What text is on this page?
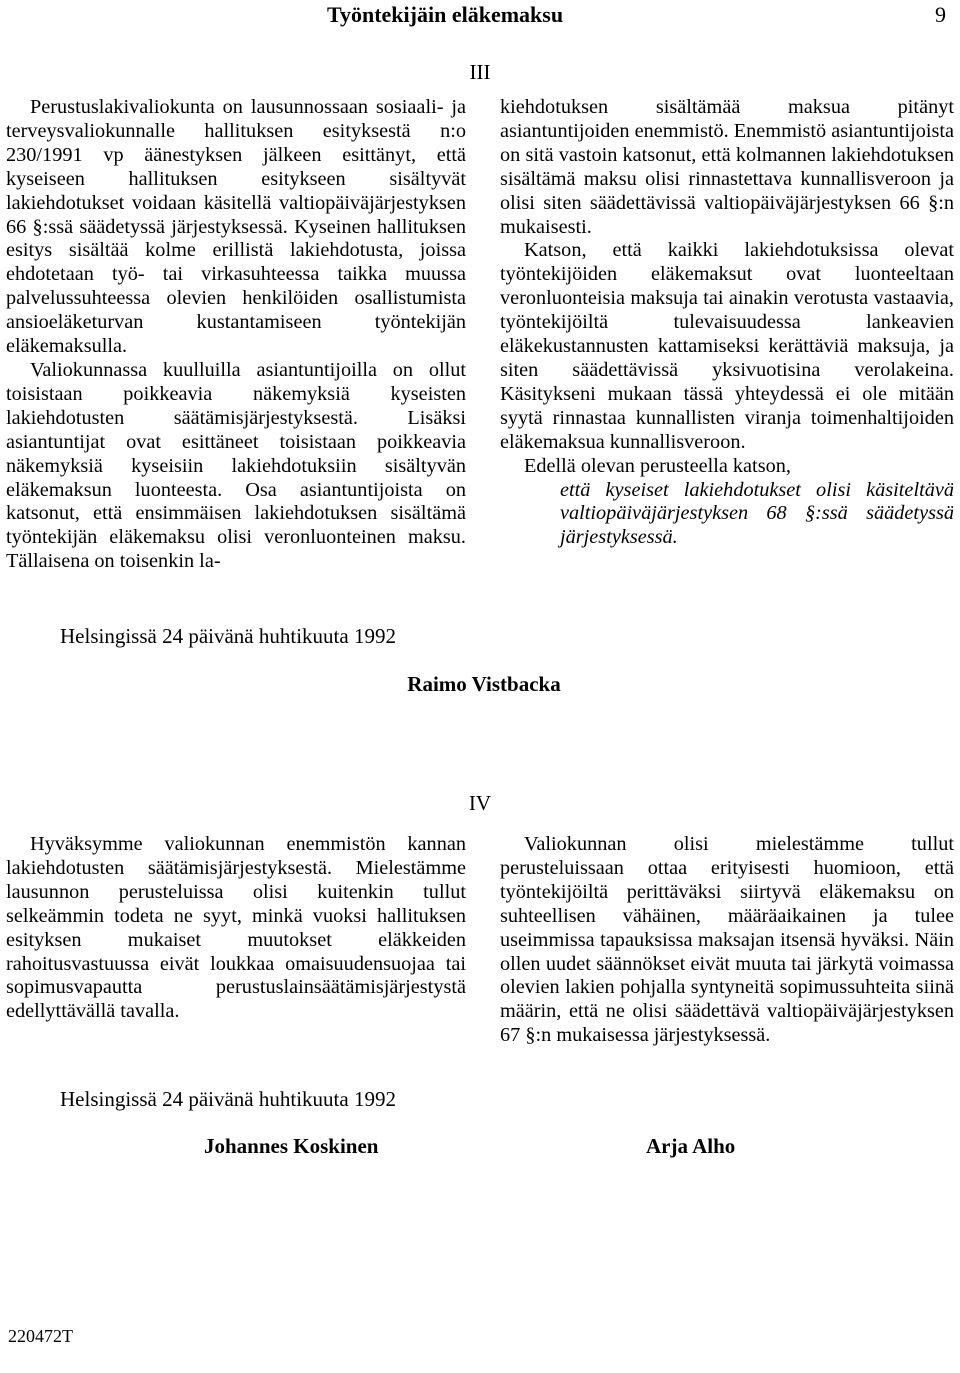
Työntekijäin eläkemaksu	9
III

Perustuslakivaliokunta on lausunnossaan sosiaali- ja terveysvaliokunnalle hallituksen esityksestä n:o 230/1991 vp äänestyksen jälkeen esittänyt, että kyseiseen hallituksen esitykseen sisältyvät lakiehdotukset voidaan käsitellä valtiopäiväjärjestyksen 66 §:ssä säädetyssä järjestyksessä. Kyseinen hallituksen esitys sisältää kolme erillistä lakiehdotusta, joissa ehdotetaan työ- tai virkasuhteessa taikka muussa palvelussuhteessa olevien henkilöiden osallistumista ansioeläketurvan kustantamiseen työntekijän eläkemaksulla.

Valiokunnassa kuulluilla asiantuntijoilla on ollut toisistaan poikkeavia näkemyksiä kyseisten lakiehdotusten säätämisjärjestyksestä. Lisäksi asiantuntijat ovat esittäneet toisistaan poikkeavia näkemyksiä kyseisiin lakiehdotuksiin sisältyvän eläkemaksun luonteesta. Osa asiantuntijoista on katsonut, että ensimmäisen lakiehdotuksen sisältämä työntekijän eläkemaksu olisi veronluonteinen maksu. Tällaisena on toisenkin la-

kiehdotuksen sisältämää maksua pitänyt asiantuntijoiden enemmistö. Enemmistö asiantuntijoista on sitä vastoin katsonut, että kolmannen lakiehdotuksen sisältämä maksu olisi rinnastettava kunnallisveroon ja olisi siten säädettävissä valtiopäiväjärjestyksen 66 §:n mukaisesti.

Katson, että kaikki lakiehdotuksissa olevat työntekijöiden eläkemaksut ovat luonteeltaan veronluonteisia maksuja tai ainakin verotusta vastaavia, työntekijöiltä tulevaisuudessa lankeavien eläkekustannusten kattamiseksi kerättäviä maksuja, ja siten säädettävissä yksivuotisina verolakeina. Käsitykseni mukaan tässä yhteydessä ei ole mitään syytä rinnastaa kunnallisten viranja toimenhaltijoiden eläkemaksua kunnallisveroon.

Edellä olevan perusteella katson,

että kyseiset lakiehdotukset olisi käsiteltävä valtiopäiväjärjestyksen 68 §:ssä säädetyssä järjestyksessä.

Helsingissä 24 päivänä huhtikuuta 1992
Raimo Vistbacka
IV

Hyväksymme valiokunnan enemmistön kannan lakiehdotusten säätämisjärjestyksestä. Mielestämme lausunnon perusteluissa olisi kuitenkin tullut selkeämmin todeta ne syyt, minkä vuoksi hallituksen esityksen mukaiset muutokset eläkkeiden rahoitusvastuussa eivät loukkaa omaisuudensuojaa tai sopimusvapautta perustuslainsäätämisjärjestystä edellyttävällä tavalla.

Valiokunnan olisi mielestämme tullut perusteluissaan ottaa erityisesti huomioon, että työntekijöiltä perittäväksi siirtyvä eläkemaksu on suhteellisen vähäinen, määräaikainen ja tulee useimmissa tapauksissa maksajan itsensä hyväksi. Näin ollen uudet säännökset eivät muuta tai järkytä voimassa olevien lakien pohjalla syntyneitä sopimussuhteita siinä määrin, että ne olisi säädettävä valtiopäiväjärjestyksen 67 §:n mukaisessa järjestyksessä.

Helsingissä 24 päivänä huhtikuuta 1992
Johannes Koskinen	Arja Alho
220472T
